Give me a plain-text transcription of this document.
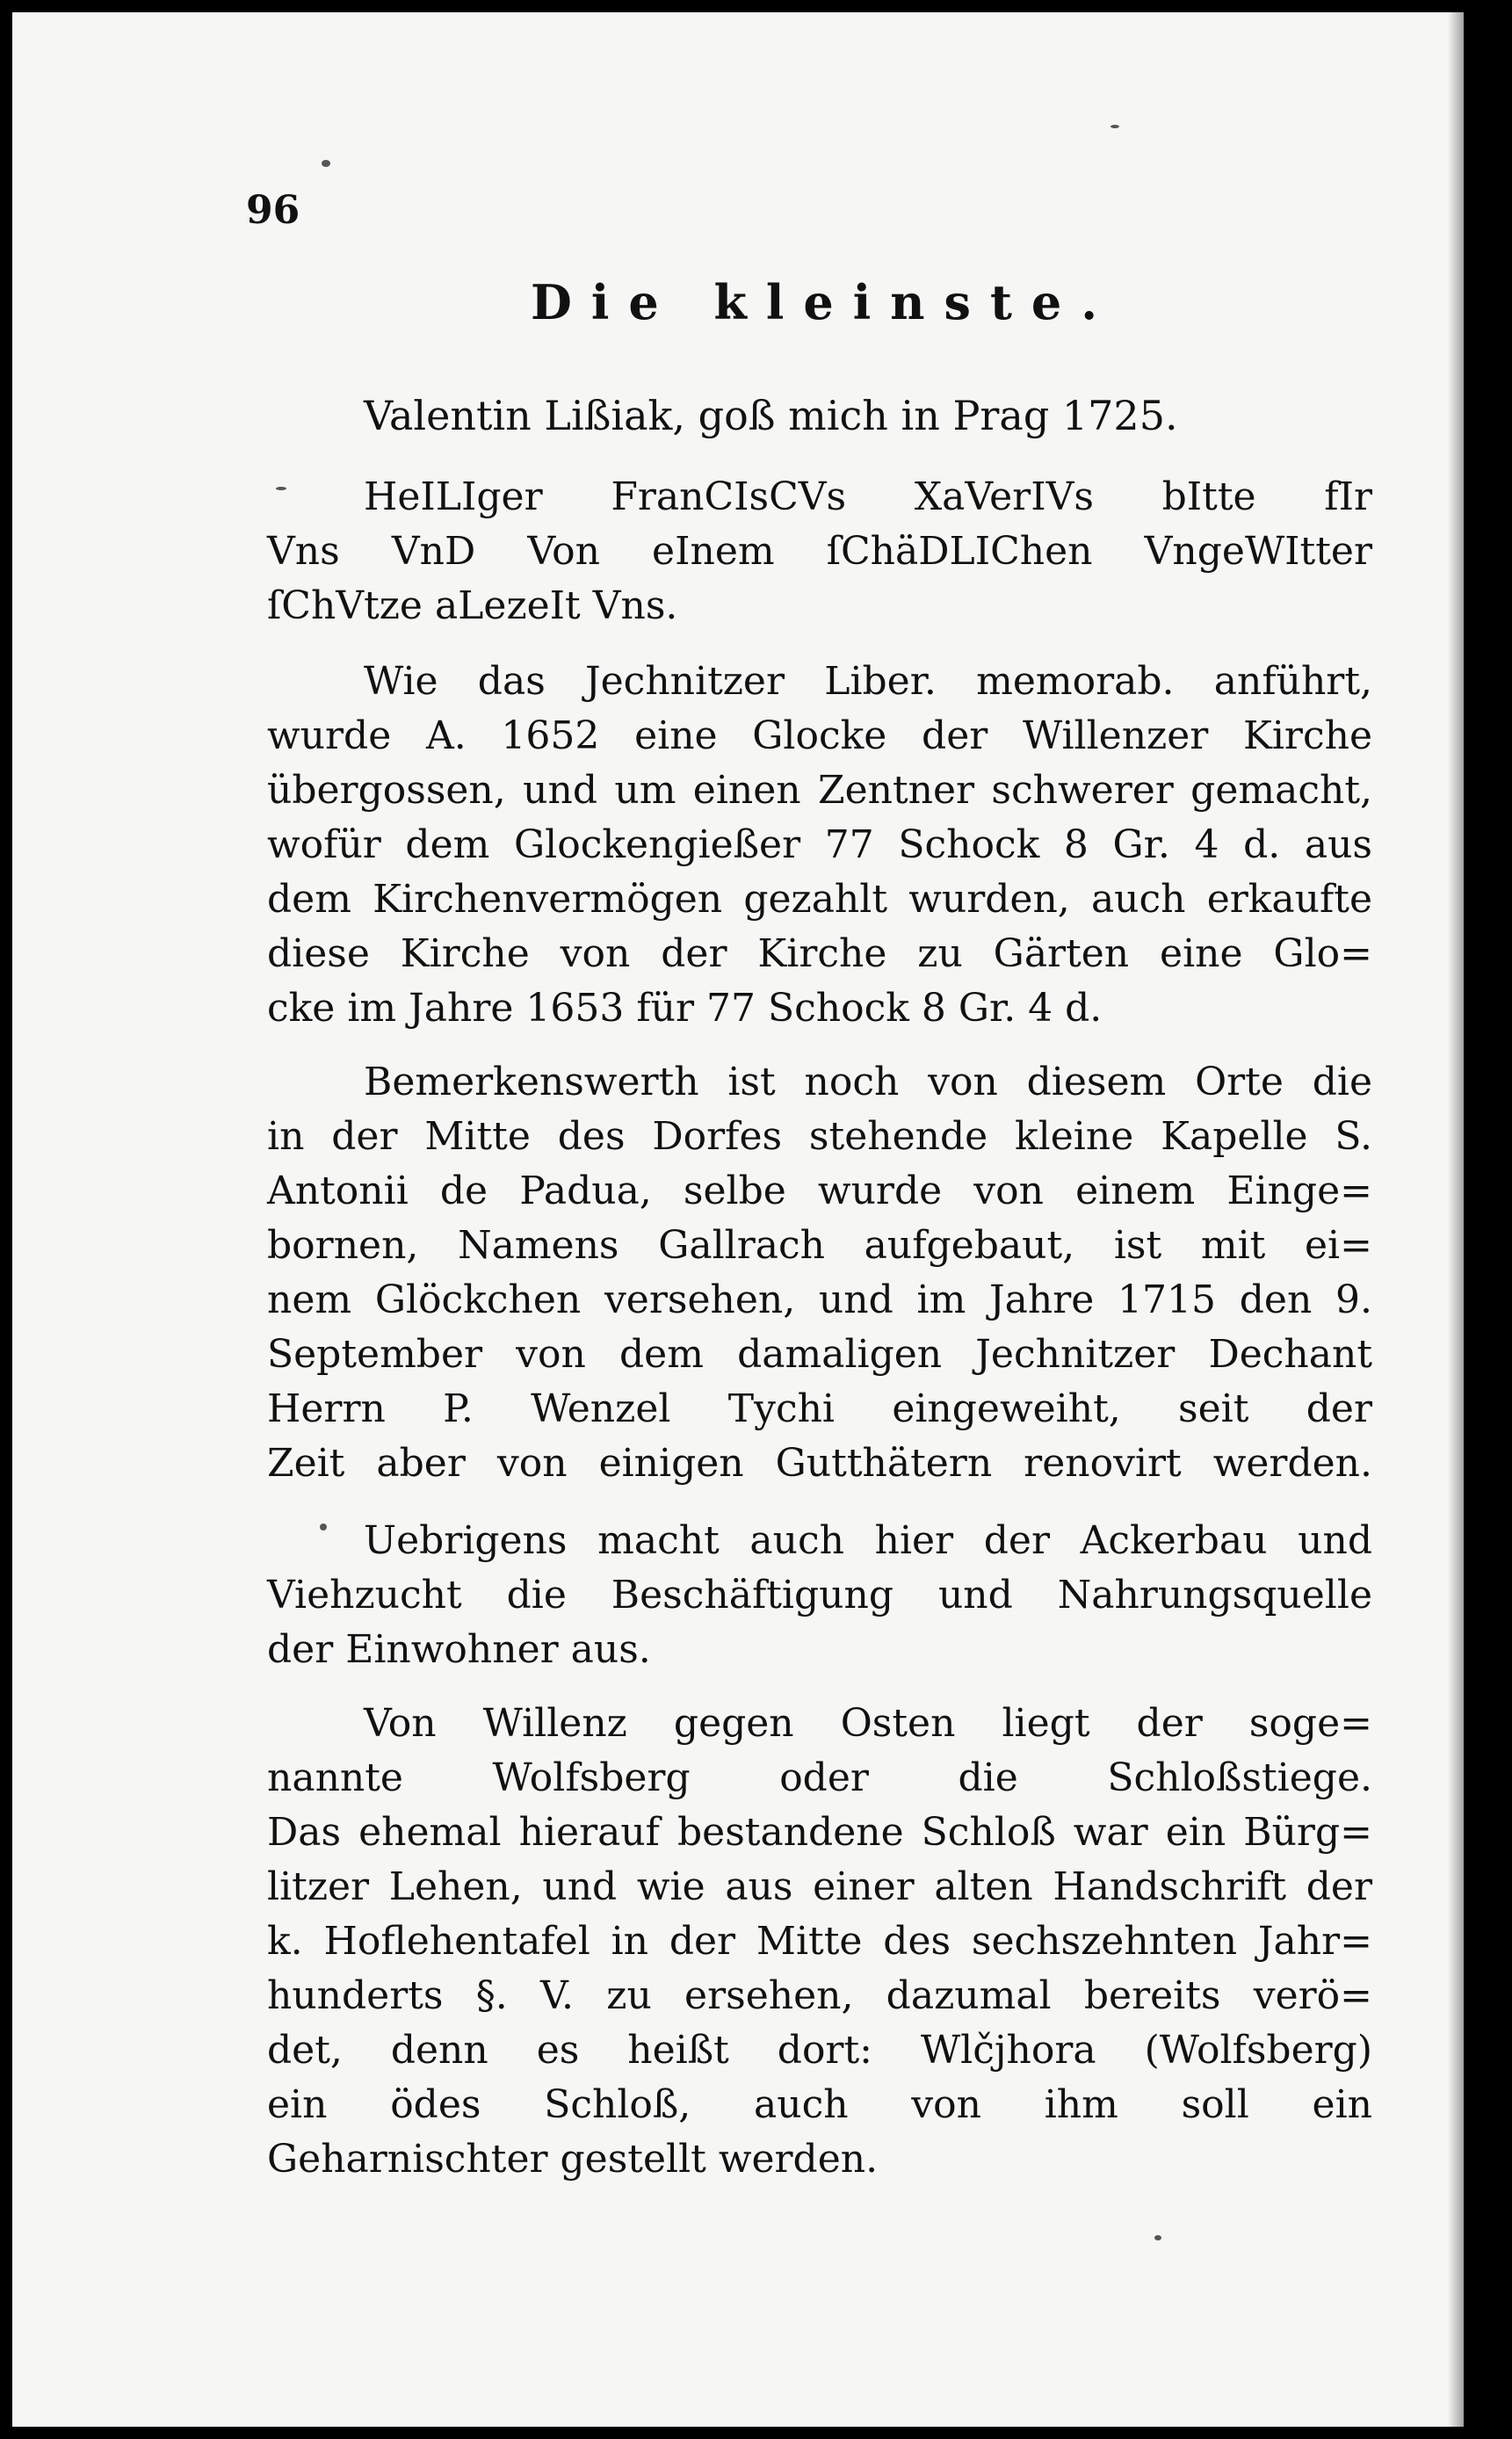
96

Die kleinste.

Valentin Lißiak, goß mich in Prag 1725.

HeILIger FranCIsCVs XaVerIVs bItte fIr

Vns VnD Von eInem ſChäDLIChen VngeWItter

ſChVtze aLezeIt Vns.

Wie das Jechnitzer Liber. memorab. anführt,

wurde A. 1652 eine Glocke der Willenzer Kirche

übergossen, und um einen Zentner schwerer gemacht,

wofür dem Glockengießer 77 Schock 8 Gr. 4 d. aus

dem Kirchenvermögen gezahlt wurden, auch erkaufte

diese Kirche von der Kirche zu Gärten eine Glo=

cke im Jahre 1653 für 77 Schock 8 Gr. 4 d.

Bemerkenswerth ist noch von diesem Orte die

in der Mitte des Dorfes stehende kleine Kapelle S.

Antonii de Padua, selbe wurde von einem Einge=

bornen, Namens Gallrach aufgebaut, ist mit ei=

nem Glöckchen versehen, und im Jahre 1715 den 9.

September von dem damaligen Jechnitzer Dechant

Herrn P. Wenzel Tychi eingeweiht, seit der

Zeit aber von einigen Gutthätern renovirt werden.

Uebrigens macht auch hier der Ackerbau und

Viehzucht die Beschäftigung und Nahrungsquelle

der Einwohner aus.

Von Willenz gegen Osten liegt der soge=

nannte Wolfsberg oder die Schloßstiege.

Das ehemal hierauf bestandene Schloß war ein Bürg=

litzer Lehen, und wie aus einer alten Handschrift der

k. Hoflehentafel in der Mitte des sechszehnten Jahr=

hunderts §. V. zu ersehen, dazumal bereits verö=

det, denn es heißt dort: Wlčjhora (Wolfsberg)

ein ödes Schloß, auch von ihm soll ein

Geharnischter gestellt werden.
